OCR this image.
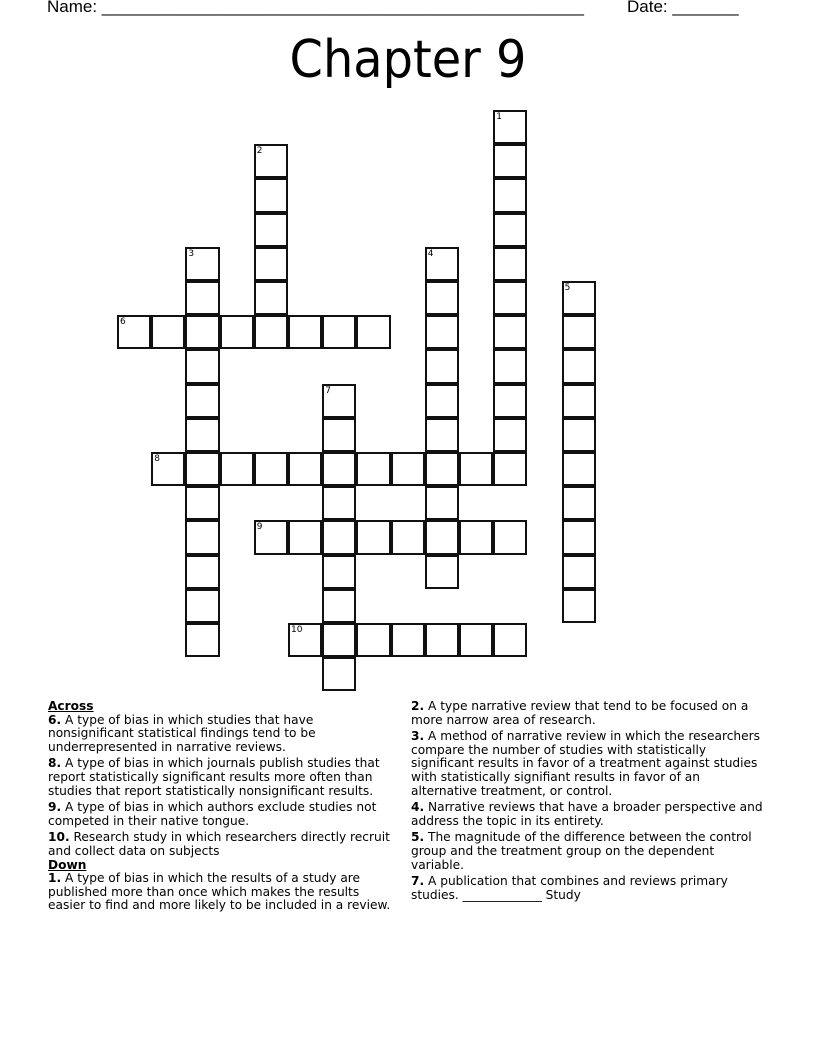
Name: ___________________________________________________	Date: _______
Chapter 9
1
2
3	4
5
6
7
8
9
10
Across
6. A type of bias in which studies that have nonsignificant statistical findings tend to be underrepresented in narrative reviews.
8. A type of bias in which journals publish studies that report statistically significant results more often than studies that report statistically nonsignificant results.
9. A type of bias in which authors exclude studies not competed in their native tongue.
10. Research study in which researchers directly recruit and collect data on subjects
Down
1. A type of bias in which the results of a study are published more than once which makes the results easier to find and more likely to be included in a review.
2. A type narrative review that tend to be focused on a more narrow area of research.
3. A method of narrative review in which the researchers compare the number of studies with statistically significant results in favor of a treatment against studies with statistically signifiant results in favor of an alternative treatment, or control.
4. Narrative reviews that have a broader perspective and address the topic in its entirety.
5. The magnitude of the difference between the control group and the treatment group on the dependent variable.
7. A publication that combines and reviews primary studies. _____________ Study
